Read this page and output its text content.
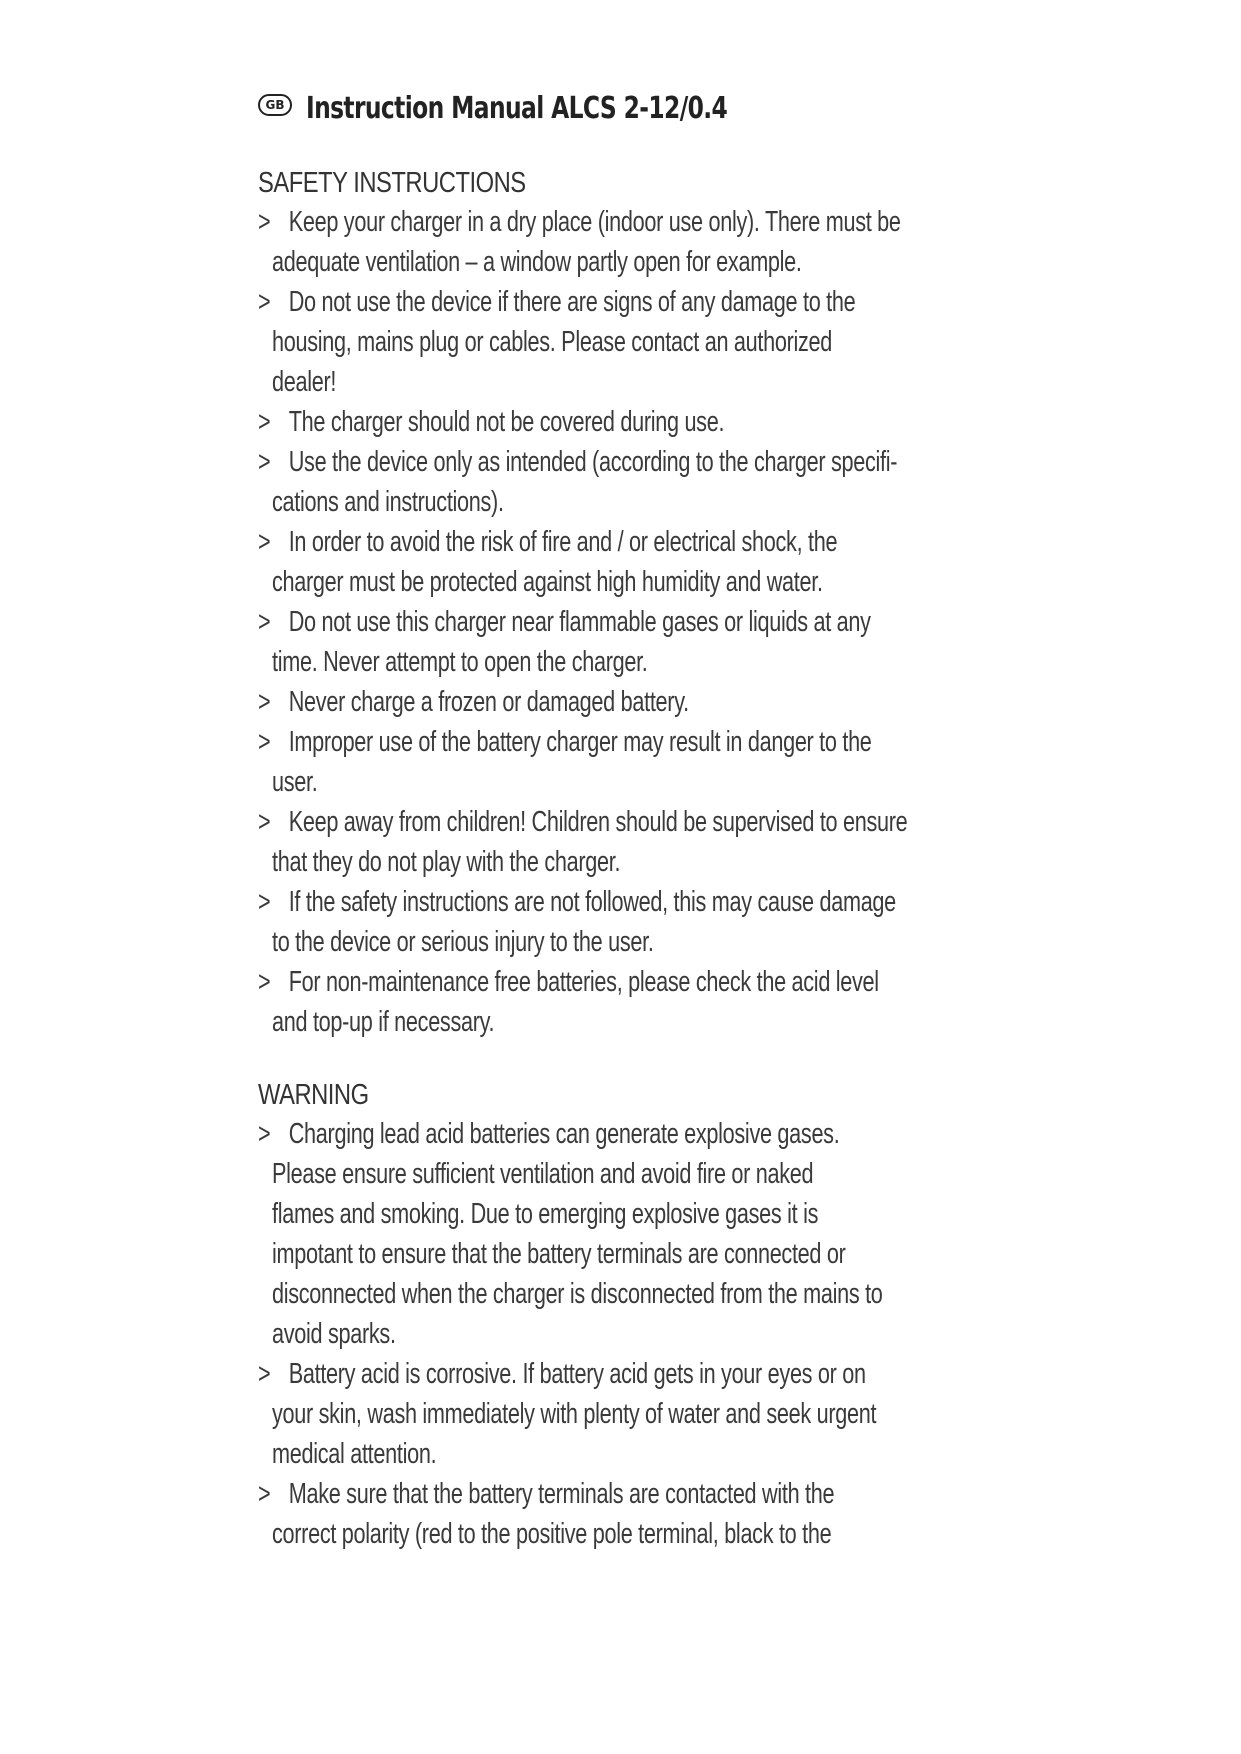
GB Instruction Manual ALCS 2-12/0.4
SAFETY INSTRUCTIONS
> Keep your charger in a dry place (indoor use only). There must be
adequate ventilation – a window partly open for example.
> Do not use the device if there are signs of any damage to the
housing, mains plug or cables. Please contact an authorized
dealer!
> The charger should not be covered during use.
> Use the device only as intended (according to the charger specifi-
cations and instructions).
> In order to avoid the risk of fire and / or electrical shock, the
charger must be protected against high humidity and water.
> Do not use this charger near flammable gases or liquids at any
time. Never attempt to open the charger.
> Never charge a frozen or damaged battery.
> Improper use of the battery charger may result in danger to the
user.
> Keep away from children! Children should be supervised to ensure
that they do not play with the charger.
> If the safety instructions are not followed, this may cause damage
to the device or serious injury to the user.
> For non-maintenance free batteries, please check the acid level
and top-up if necessary.
WARNING
> Charging lead acid batteries can generate explosive gases.
Please ensure sufficient ventilation and avoid fire or naked
flames and smoking. Due to emerging explosive gases it is
impotant to ensure that the battery terminals are connected or
disconnected when the charger is disconnected from the mains to
avoid sparks.
> Battery acid is corrosive. If battery acid gets in your eyes or on
your skin, wash immediately with plenty of water and seek urgent
medical attention.
> Make sure that the battery terminals are contacted with the
correct polarity (red to the positive pole terminal, black to the
